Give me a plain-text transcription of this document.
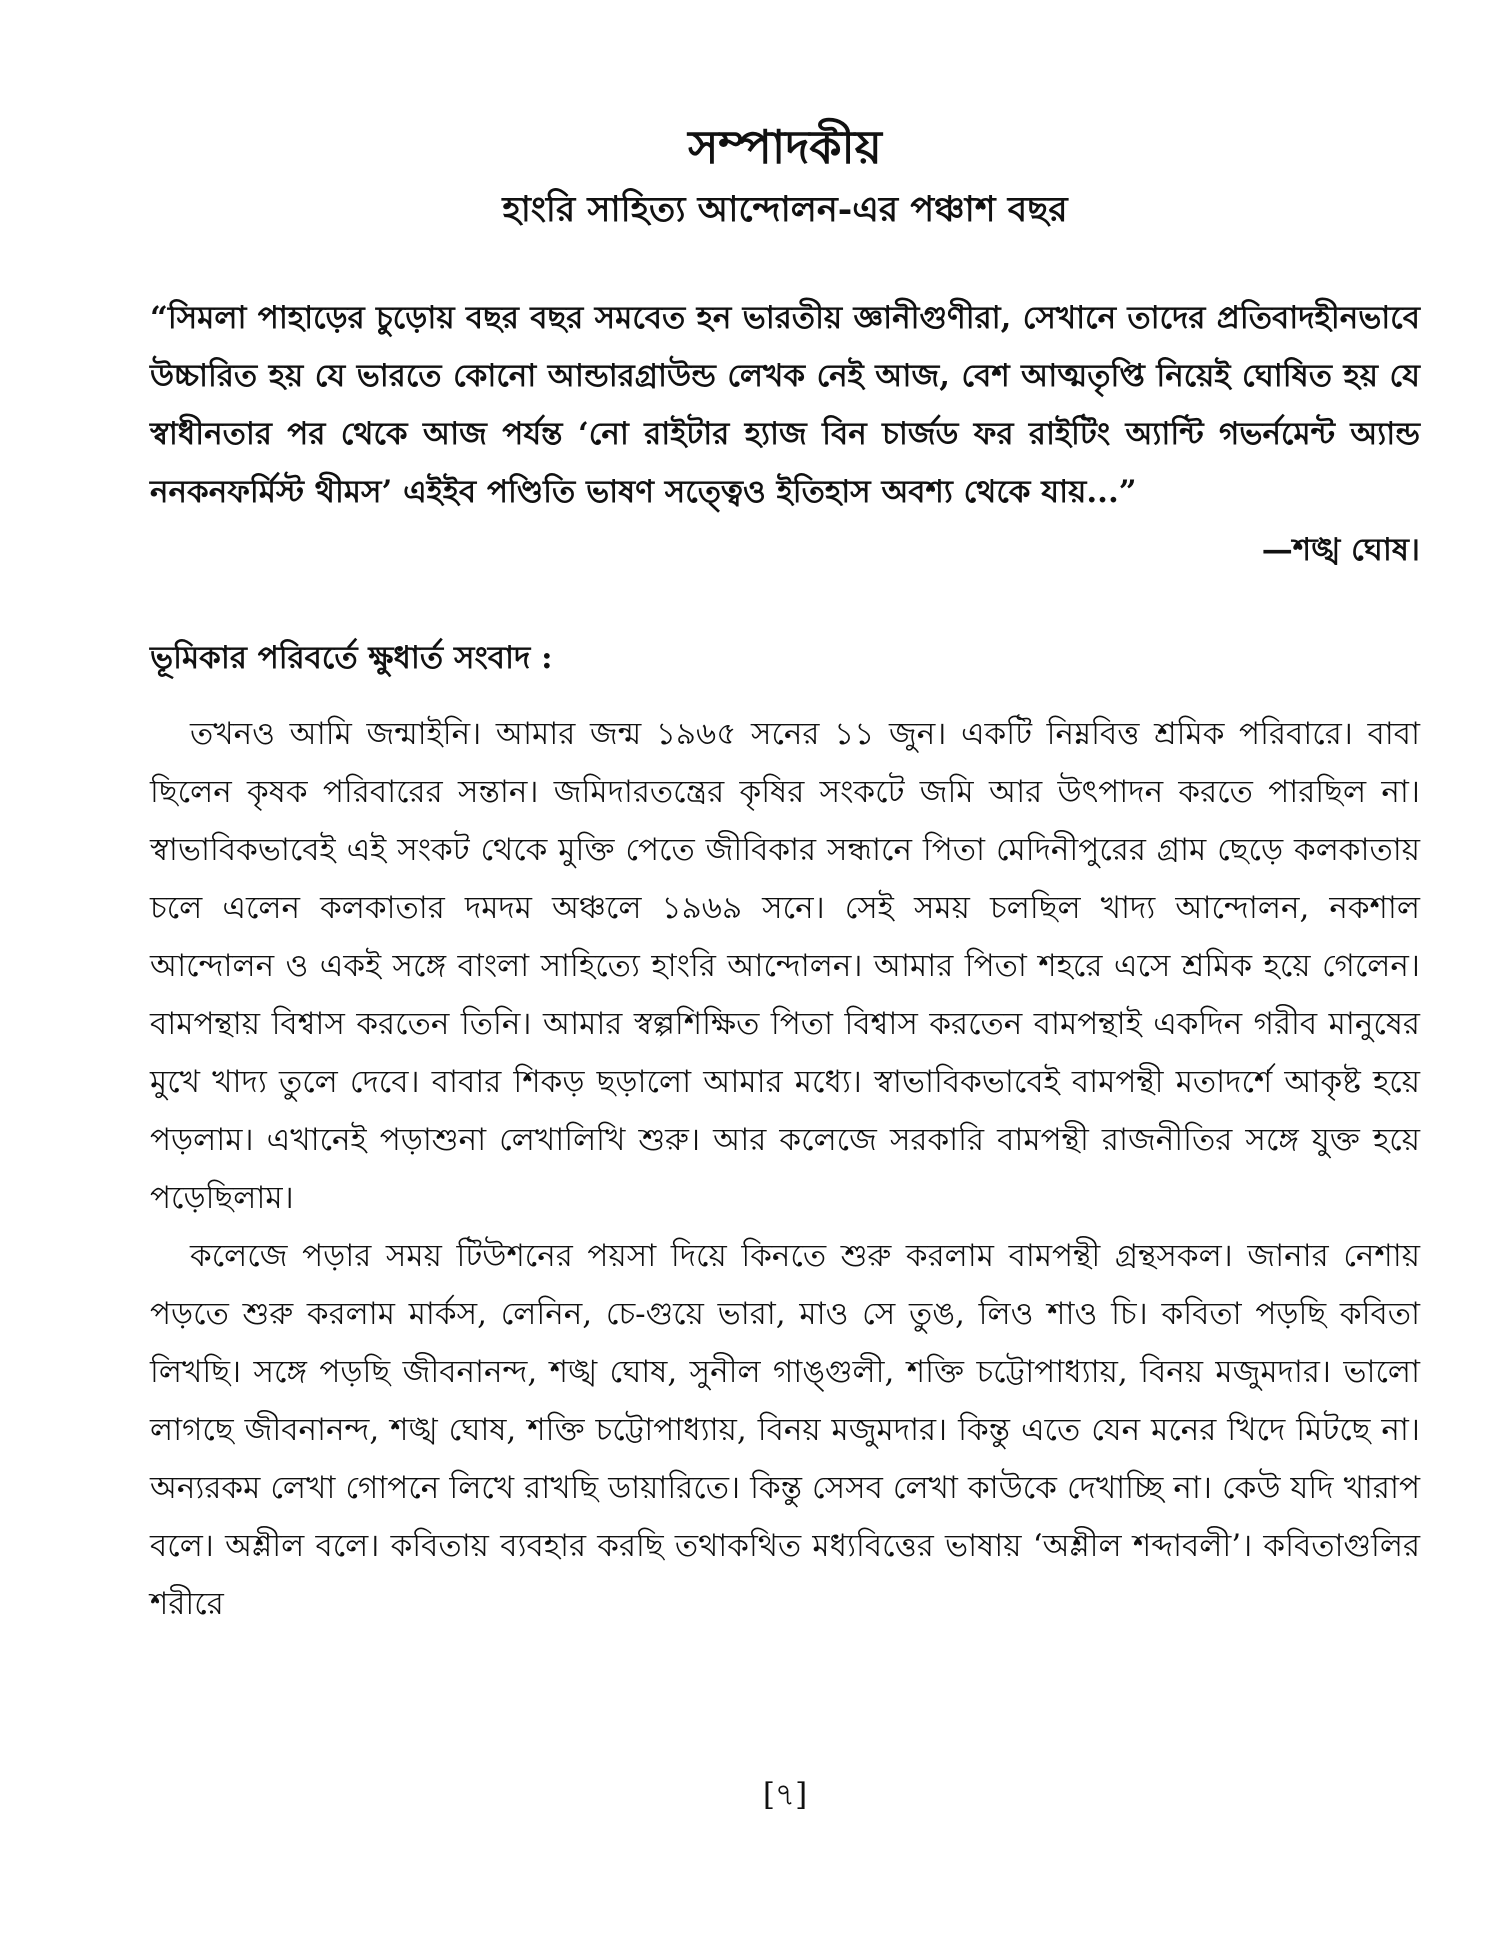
সম্পাদকীয়
হাংরি সাহিত্য আন্দোলন-এর পঞ্চাশ বছর

“সিমলা পাহাড়ের চুড়োয় বছর বছর সমবেত হন ভারতীয় জ্ঞানীগুণীরা, সেখানে তাদের প্রতিবাদহীনভাবে উচ্চারিত হয় যে ভারতে কোনো আন্ডারগ্রাউন্ড লেখক নেই আজ, বেশ আত্মতৃপ্তি নিয়েই ঘোষিত হয় যে স্বাধীনতার পর থেকে আজ পর্যন্ত ‘নো রাইটার হ্যাজ বিন চার্জড ফর রাইটিং অ্যান্টি গভর্নমেন্ট অ্যান্ড ননকনফর্মিস্ট থীমস’ এইইব পণ্ডিতি ভাষণ সত্ত্বেও ইতিহাস অবশ্য থেকে যায়...”

—শঙ্খ ঘোষ।

ভূমিকার পরিবর্তে ক্ষুধার্ত সংবাদ :

তখনও আমি জন্মাইনি। আমার জন্ম ১৯৬৫ সনের ১১ জুন। একটি নিম্নবিত্ত শ্রমিক পরিবারে। বাবা ছিলেন কৃষক পরিবারের সন্তান। জমিদারতন্ত্রের কৃষির সংকটে জমি আর উৎপাদন করতে পারছিল না। স্বাভাবিকভাবেই এই সংকট থেকে মুক্তি পেতে জীবিকার সন্ধানে পিতা মেদিনীপুরের গ্রাম ছেড়ে কলকাতায় চলে এলেন কলকাতার দমদম অঞ্চলে ১৯৬৯ সনে। সেই সময় চলছিল খাদ্য আন্দোলন, নকশাল আন্দোলন ও একই সঙ্গে বাংলা সাহিত্যে হাংরি আন্দোলন। আমার পিতা শহরে এসে শ্রমিক হয়ে গেলেন। বামপন্থায় বিশ্বাস করতেন তিনি। আমার স্বল্পশিক্ষিত পিতা বিশ্বাস করতেন বামপন্থাই একদিন গরীব মানুষের মুখে খাদ্য তুলে দেবে। বাবার শিকড় ছড়ালো আমার মধ্যে। স্বাভাবিকভাবেই বামপন্থী মতাদর্শে আকৃষ্ট হয়ে পড়লাম। এখানেই পড়াশুনা লেখালিখি শুরু। আর কলেজে সরকারি বামপন্থী রাজনীতির সঙ্গে যুক্ত হয়ে পড়েছিলাম।

কলেজে পড়ার সময় টিউশনের পয়সা দিয়ে কিনতে শুরু করলাম বামপন্থী গ্রন্থসকল। জানার নেশায় পড়তে শুরু করলাম মার্কস, লেনিন, চে-গুয়ে ভারা, মাও সে তুঙ, লিও শাও চি। কবিতা পড়ছি কবিতা লিখছি। সঙ্গে পড়ছি জীবনানন্দ, শঙ্খ ঘোষ, সুনীল গাঙ্গুলী, শক্তি চট্টোপাধ্যায়, বিনয় মজুমদার। ভালো লাগছে জীবনানন্দ, শঙ্খ ঘোষ, শক্তি চট্টোপাধ্যায়, বিনয় মজুমদার। কিন্তু এতে যেন মনের খিদে মিটছে না। অন্যরকম লেখা গোপনে লিখে রাখছি ডায়ারিতে। কিন্তু সেসব লেখা কাউকে দেখাচ্ছি না। কেউ যদি খারাপ বলে। অশ্লীল বলে। কবিতায় ব্যবহার করছি তথাকথিত মধ্যবিত্তের ভাষায় ‘অশ্লীল শব্দাবলী’। কবিতাগুলির শরীরে

[৭]
